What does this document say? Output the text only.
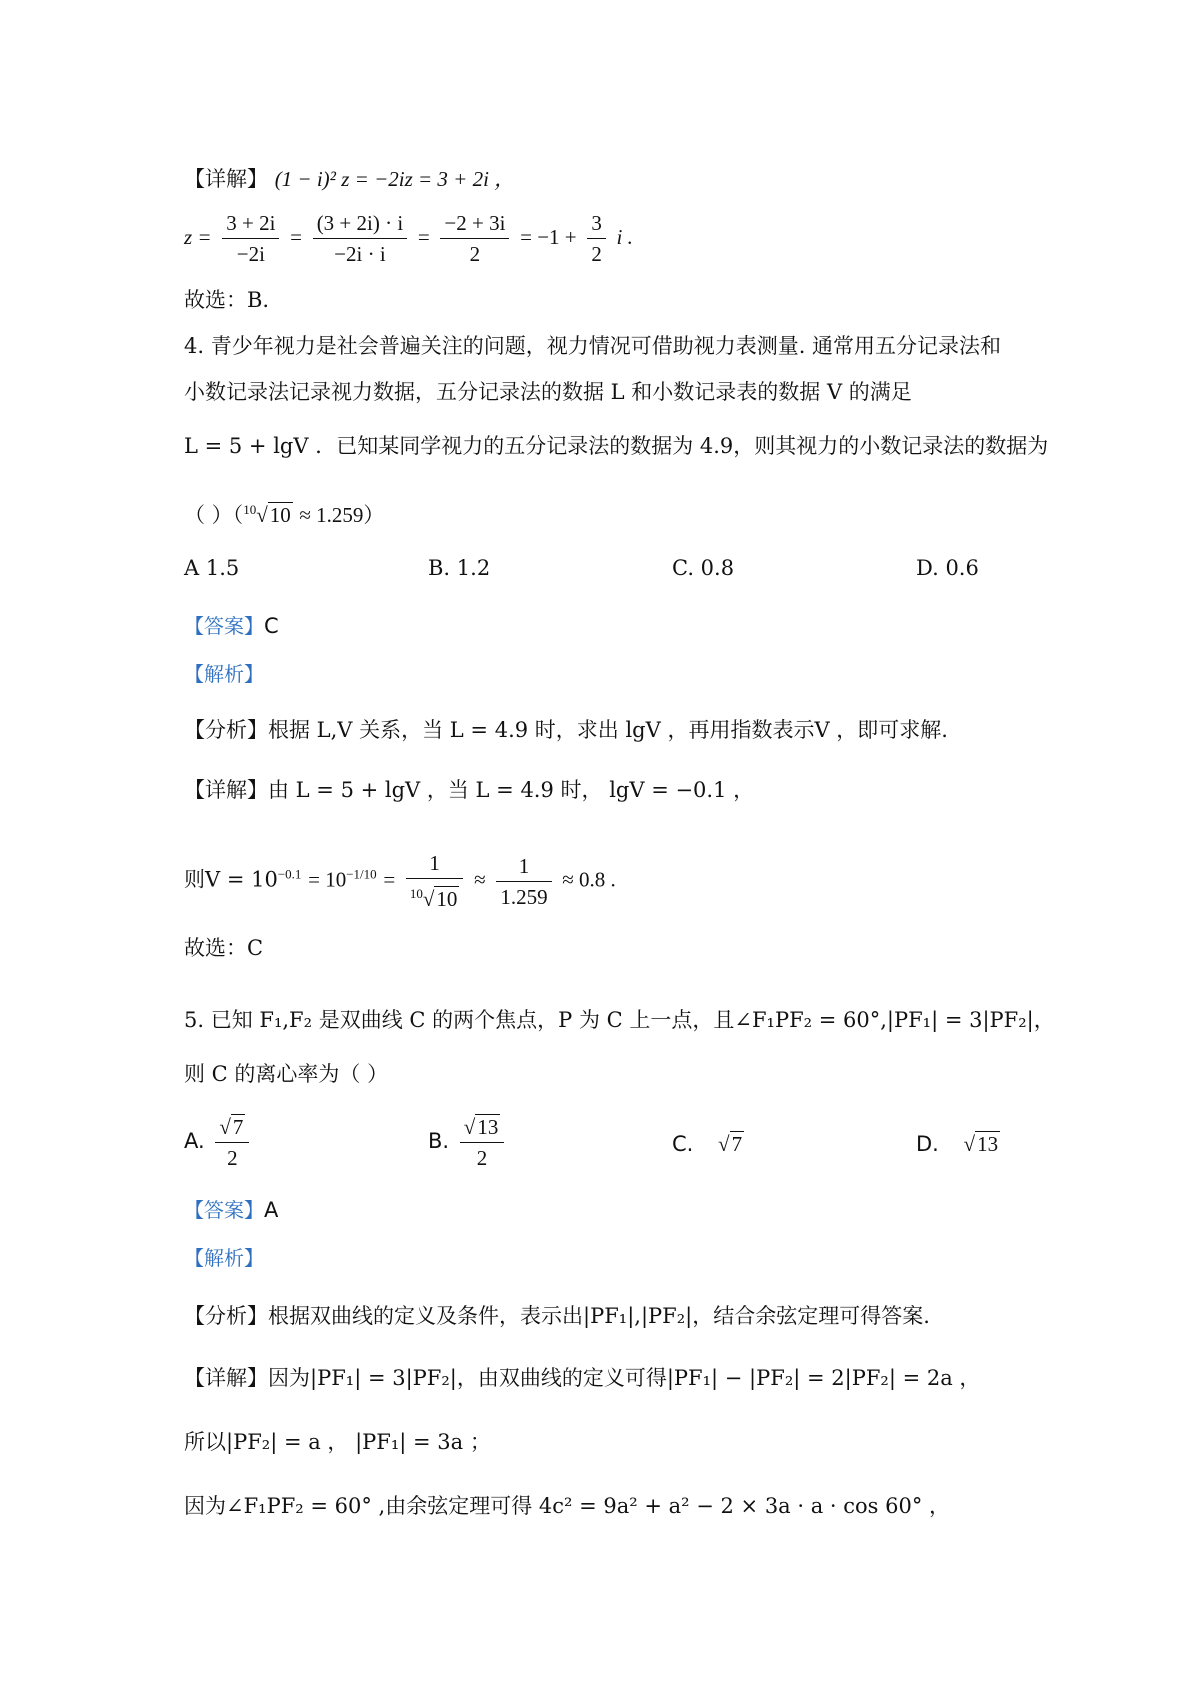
【详解】 (1 − i)² z = −2iz = 3 + 2i ，
$z = \frac{3 + 2i}{-2i} = \frac{(3 + 2i) \cdot i}{-2i \cdot i} = \frac{-2 + 3i}{2} = -1 + \frac{3}{2}$ i .
故选：B.
4. 青少年视力是社会普遍关注的问题，视力情况可借助视力表测量. 通常用五分记录法和
小数记录法记录视力数据，五分记录法的数据 L 和小数记录表的数据 V 的满足
L = 5 + lgV ．已知某同学视力的五分记录法的数据为 4.9，则其视力的小数记录法的数据为
（ ）（$^{10}$√10 ≈ 1.259）
A 1.5	B. 1.2	C. 0.8	D. 0.6
【答案】C
【解析】
【分析】根据 L,V 关系，当 L = 4.9 时，求出 lgV ，再用指数表示V ，即可求解.
【详解】由 L = 5 + lgV ，当 L = 4.9 时， lgV = −0.1 ，
则$V = 10^{-0.1} = 10^{-1/10} = \frac{1}{^{10}√10} \approx \frac{1}{1.259} \approx 0.8$ .
故选：C
5. 已知 F₁,F₂ 是双曲线 C 的两个焦点，P 为 C 上一点，且∠F₁PF₂ = 60°,|PF₁| = 3|PF₂|，
则 C 的离心率为（ ）
A. $\frac{√7}{2}$	B. $\frac{√13}{2}$	C. √7	D. √13
【答案】A
【解析】
【分析】根据双曲线的定义及条件，表示出|PF₁|,|PF₂|，结合余弦定理可得答案.
【详解】因为|PF₁| = 3|PF₂|，由双曲线的定义可得|PF₁| − |PF₂| = 2|PF₂| = 2a ，
所以|PF₂| = a ， |PF₁| = 3a ；
因为∠F₁PF₂ = 60° ,由余弦定理可得 4c² = 9a² + a² − 2 × 3a · a · cos 60° ，
